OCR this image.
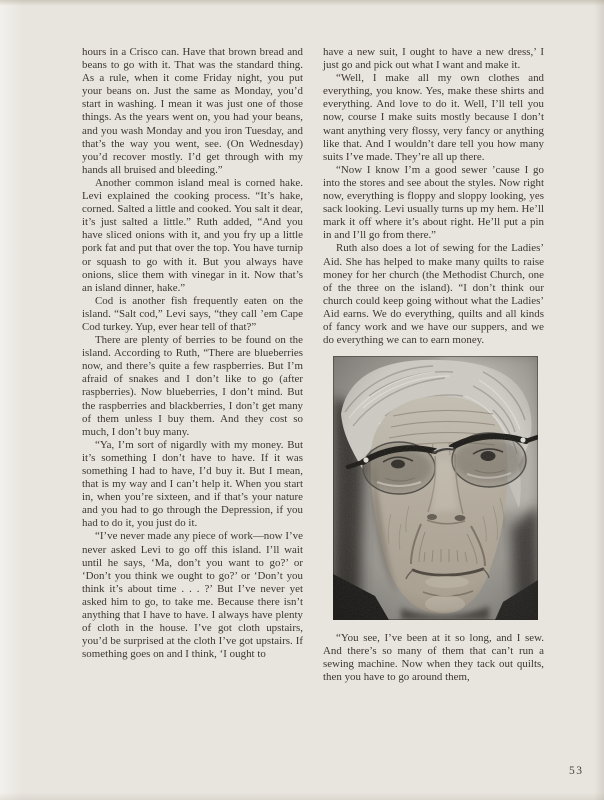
hours in a Crisco can. Have that brown bread and beans to go with it. That was the standard thing. As a rule, when it come Friday night, you put your beans on. Just the same as Monday, you’d start in washing. I mean it was just one of those things. As the years went on, you had your beans, and you wash Monday and you iron Tuesday, and that’s the way you went, see. (On Wednesday) you’d recover mostly. I’d get through with my hands all bruised and bleeding.”

Another common island meal is corned hake. Levi explained the cooking process. “It’s hake, corned. Salted a little and cooked. You salt it dear, it’s just salted a little.” Ruth added, “And you have sliced onions with it, and you fry up a little pork fat and put that over the top. You have turnip or squash to go with it. But you always have onions, slice them with vinegar in it. Now that’s an island dinner, hake.”

Cod is another fish frequently eaten on the island. “Salt cod,” Levi says, “they call ’em Cape Cod turkey. Yup, ever hear tell of that?”

There are plenty of berries to be found on the island. According to Ruth, “There are blueberries now, and there’s quite a few raspberries. But I’m afraid of snakes and I don’t like to go (after raspberries). Now blueberries, I don’t mind. But the raspberries and blackberries, I don’t get many of them unless I buy them. And they cost so much, I don’t buy many.

“Ya, I’m sort of nigardly with my money. But it’s something I don’t have to have. If it was something I had to have, I’d buy it. But I mean, that is my way and I can’t help it. When you start in, when you’re sixteen, and if that’s your nature and you had to go through the Depression, if you had to do it, you just do it.

“I’ve never made any piece of work—now I’ve never asked Levi to go off this island. I’ll wait until he says, ‘Ma, don’t you want to go?’ or ‘Don’t you think we ought to go?’ or ‘Don’t you think it’s about time . . . ?’ But I’ve never yet asked him to go, to take me. Because there isn’t anything that I have to have. I always have plenty of cloth in the house. I’ve got cloth upstairs, you’d be surprised at the cloth I’ve got upstairs. If something goes on and I think, ‘I ought to

have a new suit, I ought to have a new dress,’ I just go and pick out what I want and make it.

“Well, I make all my own clothes and everything, you know. Yes, make these shirts and everything. And love to do it. Well, I’ll tell you now, course I make suits mostly because I don’t want anything very flossy, very fancy or anything like that. And I wouldn’t dare tell you how many suits I’ve made. They’re all up there.

“Now I know I’m a good sewer ’cause I go into the stores and see about the styles. Now right now, everything is floppy and sloppy looking, yes sack looking. Levi usually turns up my hem. He’ll mark it off where it’s about right. He’ll put a pin in and I’ll go from there.”

Ruth also does a lot of sewing for the Ladies’ Aid. She has helped to make many quilts to raise money for her church (the Methodist Church, one of the three on the island). “I don’t think our church could keep going without what the Ladies’ Aid earns. We do everything, quilts and all kinds of fancy work and we have our suppers, and we do everything we can to earn money.

“You see, I’ve been at it so long, and I sew. And there’s so many of them that can’t run a sewing machine. Now when they tack out quilts, then you have to go around them,

53
